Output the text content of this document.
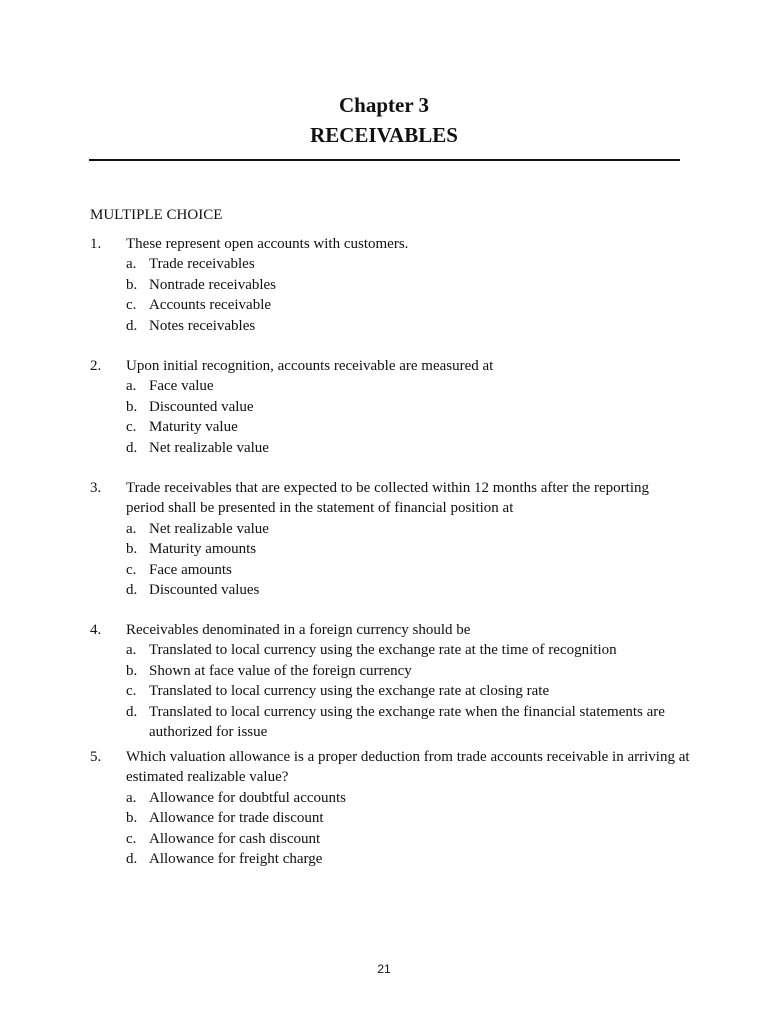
Chapter 3
RECEIVABLES
MULTIPLE CHOICE
1.	These represent open accounts with customers.
a. Trade receivables
b. Nontrade receivables
c. Accounts receivable
d. Notes receivables
2.	Upon initial recognition, accounts receivable are measured at
a. Face value
b. Discounted value
c. Maturity value
d. Net realizable value
3.	Trade receivables that are expected to be collected within 12 months after the reporting period shall be presented in the statement of financial position at
a. Net realizable value
b. Maturity amounts
c. Face amounts
d. Discounted values
4.	Receivables denominated in a foreign currency should be
a. Translated to local currency using the exchange rate at the time of recognition
b. Shown at face value of the foreign currency
c. Translated to local currency using the exchange rate at closing rate
d. Translated to local currency using the exchange rate when the financial statements are authorized for issue
5.	Which valuation allowance is a proper deduction from trade accounts receivable in arriving at estimated realizable value?
a. Allowance for doubtful accounts
b. Allowance for trade discount
c. Allowance for cash discount
d. Allowance for freight charge
21
